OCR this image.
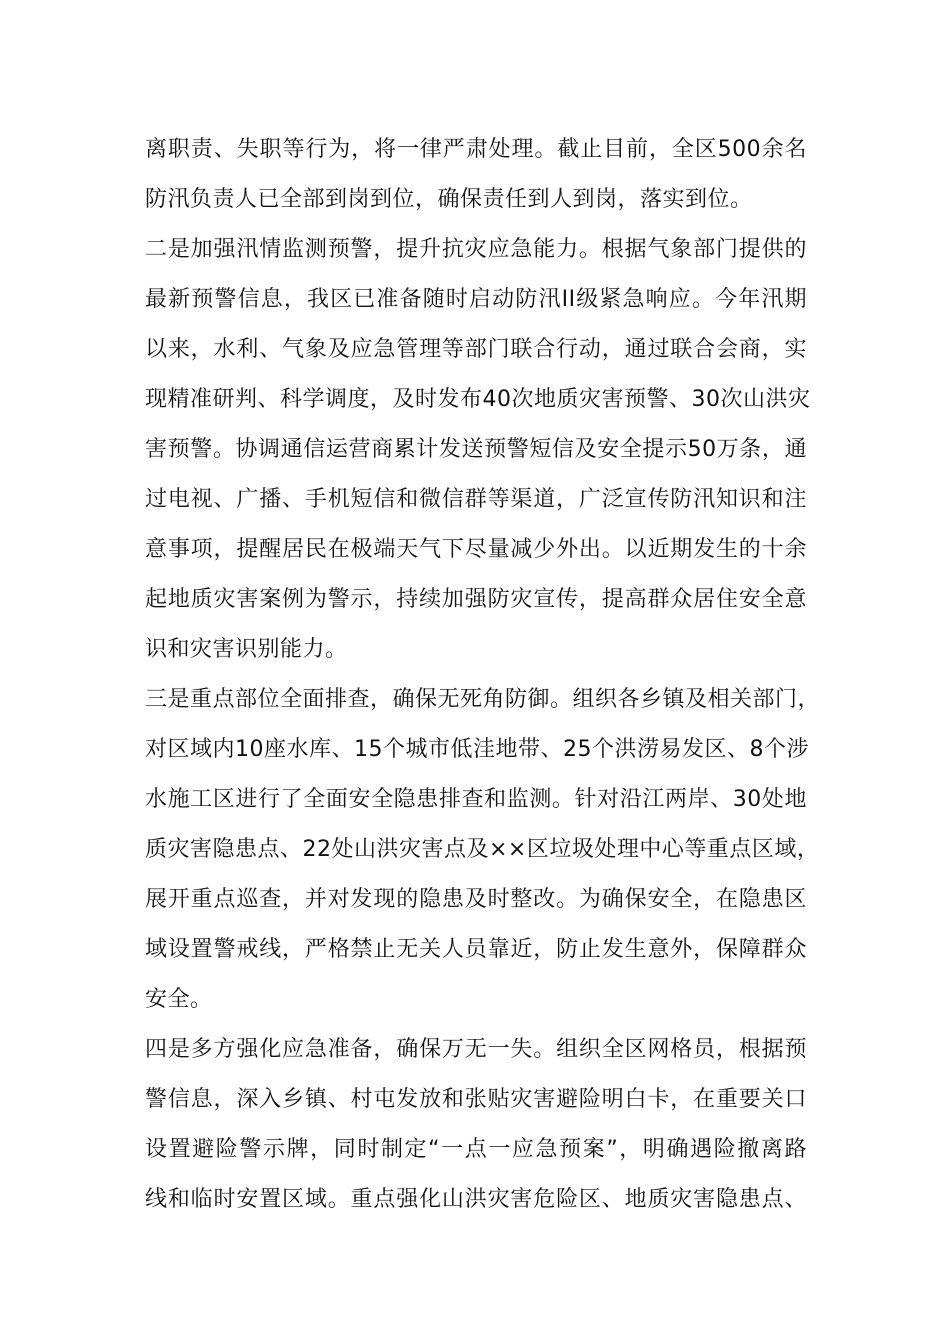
离职责、失职等行为，将一律严肃处理。截止目前，全区500余名
防汛负责人已全部到岗到位，确保责任到人到岗，落实到位。
二是加强汛情监测预警，提升抗灾应急能力。根据气象部门提供的
最新预警信息，我区已准备随时启动防汛II级紧急响应。今年汛期
以来，水利、气象及应急管理等部门联合行动，通过联合会商，实
现精准研判、科学调度，及时发布40次地质灾害预警、30次山洪灾
害预警。协调通信运营商累计发送预警短信及安全提示50万条，通
过电视、广播、手机短信和微信群等渠道，广泛宣传防汛知识和注
意事项，提醒居民在极端天气下尽量减少外出。以近期发生的十余
起地质灾害案例为警示，持续加强防灾宣传，提高群众居住安全意
识和灾害识别能力。
三是重点部位全面排查，确保无死角防御。组织各乡镇及相关部门，
对区域内10座水库、15个城市低洼地带、25个洪涝易发区、8个涉
水施工区进行了全面安全隐患排查和监测。针对沿江两岸、30处地
质灾害隐患点、22处山洪灾害点及××区垃圾处理中心等重点区域，
展开重点巡查，并对发现的隐患及时整改。为确保安全，在隐患区
域设置警戒线，严格禁止无关人员靠近，防止发生意外，保障群众
安全。
四是多方强化应急准备，确保万无一失。组织全区网格员，根据预
警信息，深入乡镇、村屯发放和张贴灾害避险明白卡，在重要关口
设置避险警示牌，同时制定“一点一应急预案”，明确遇险撤离路
线和临时安置区域。重点强化山洪灾害危险区、地质灾害隐患点、
